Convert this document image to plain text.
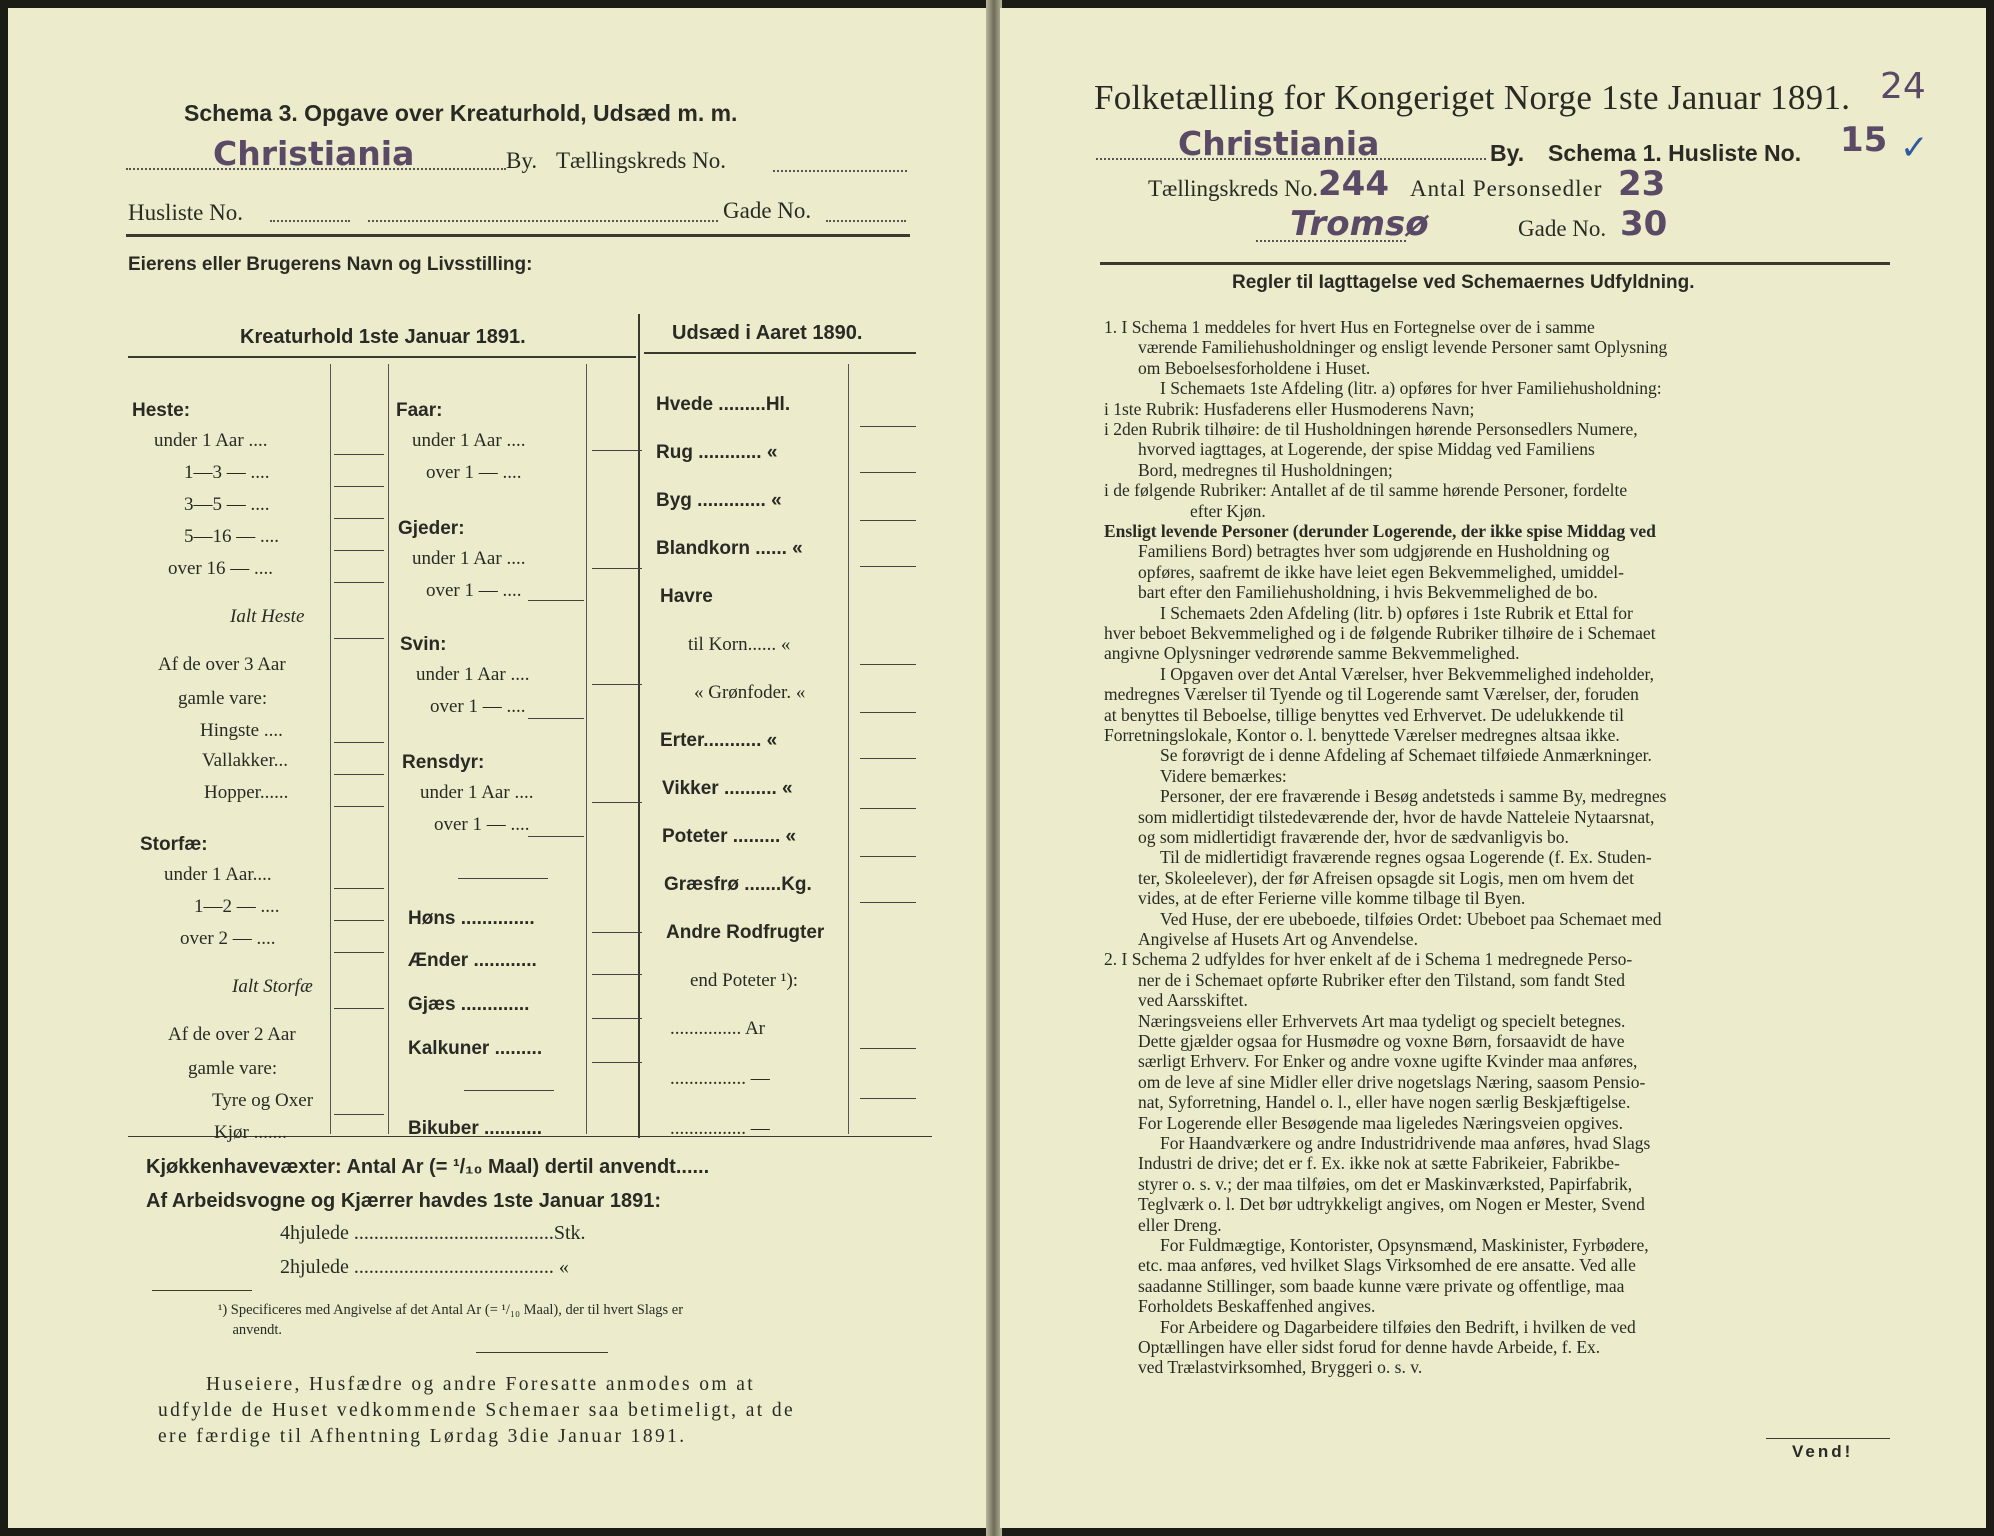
Schema 3. Opgave over Kreaturhold, Udsæd m. m.
Christiania	By. Tællingskreds No.
Husliste No.	Gade No.
Eierens eller Brugerens Navn og Livsstilling:
Kreaturhold 1ste Januar 1891.	Udsæd i Aaret 1890.
Heste:
under 1 Aar ....
1—3 — ....
3—5 — ....
5—16 — ....
over 16 — ....
Ialt Heste
Af de over 3 Aar
gamle vare:
Hingste ....
Vallakker...
Hopper......
Storfæ:
under 1 Aar....
1—2 — ....
over 2 — ....
Ialt Storfæ
Af de over 2 Aar
gamle vare:
Tyre og Oxer
Kjør .......
Faar:
under 1 Aar ....
over 1 — ....
Gjeder:
under 1 Aar ....
over 1 — ....
Svin:
under 1 Aar ....
over 1 — ....
Rensdyr:
under 1 Aar ....
over 1 — ....
Høns ..............
Ænder ............
Gjæs .............
Kalkuner .........
Bikuber ...........
Hvede .........Hl.
Rug ............ «
Byg ............. «
Blandkorn ...... «
Havre
til Korn...... «
« Grønfoder. «
Erter........... «
Vikker .......... «
Poteter ......... «
Græsfrø .......Kg.
Andre Rodfrugter
end Poteter ¹):
............... Ar
................ —
................ —
Kjøkkenhavevæxter: Antal Ar (= ¹/₁₀ Maal) dertil anvendt......
Af Arbeidsvogne og Kjærrer havdes 1ste Januar 1891:
4hjulede ........................................Stk.
2hjulede ........................................ «
¹) Specificeres med Angivelse af det Antal Ar (= ¹/₁₀ Maal), der til hvert Slags er
anvendt.
Huseiere, Husfædre og andre Foresatte anmodes om at
udfylde de Huset vedkommende Schemaer saa betimeligt, at de
ere færdige til Afhentning Lørdag 3die Januar 1891.
Folketælling for Kongeriget Norge 1ste Januar 1891. 24
Christiania	By. Schema 1. Husliste No. 15 ✓
Tællingskreds No. 244 Antal Personsedler 23
Tromsø	Gade No. 30
Regler til Iagttagelse ved Schemaernes Udfyldning.
1. I Schema 1 meddeles for hvert Hus en Fortegnelse over de i samme
værende Familiehusholdninger og ensligt levende Personer samt Oplysning
om Beboelsesforholdene i Huset.
I Schemaets 1ste Afdeling (litr. a) opføres for hver Familiehusholdning:
i 1ste Rubrik: Husfaderens eller Husmoderens Navn;
i 2den Rubrik tilhøire: de til Husholdningen hørende Personsedlers Numere,
hvorved iagttages, at Logerende, der spise Middag ved Familiens
Bord, medregnes til Husholdningen;
i de følgende Rubriker: Antallet af de til samme hørende Personer, fordelte
efter Kjøn.
Ensligt levende Personer (derunder Logerende, der ikke spise Middag ved
Familiens Bord) betragtes hver som udgjørende en Husholdning og
opføres, saafremt de ikke have leiet egen Bekvemmelighed, umiddel-
bart efter den Familiehusholdning, i hvis Bekvemmelighed de bo.
I Schemaets 2den Afdeling (litr. b) opføres i 1ste Rubrik et Ettal for
hver beboet Bekvemmelighed og i de følgende Rubriker tilhøire de i Schemaet
angivne Oplysninger vedrørende samme Bekvemmelighed.
I Opgaven over det Antal Værelser, hver Bekvemmelighed indeholder,
medregnes Værelser til Tyende og til Logerende samt Værelser, der, foruden
at benyttes til Beboelse, tillige benyttes ved Erhvervet. De udelukkende til
Forretningslokale, Kontor o. l. benyttede Værelser medregnes altsaa ikke.
Se forøvrigt de i denne Afdeling af Schemaet tilføiede Anmærkninger.
Videre bemærkes:
Personer, der ere fraværende i Besøg andetsteds i samme By, medregnes
som midlertidigt tilstedeværende der, hvor de havde Natteleie Nytaarsnat,
og som midlertidigt fraværende der, hvor de sædvanligvis bo.
Til de midlertidigt fraværende regnes ogsaa Logerende (f. Ex. Studen-
ter, Skoleelever), der før Afreisen opsagde sit Logis, men om hvem det
vides, at de efter Ferierne ville komme tilbage til Byen.
Ved Huse, der ere ubeboede, tilføies Ordet: Ubeboet paa Schemaet med
Angivelse af Husets Art og Anvendelse.
2. I Schema 2 udfyldes for hver enkelt af de i Schema 1 medregnede Perso-
ner de i Schemaet opførte Rubriker efter den Tilstand, som fandt Sted
ved Aarsskiftet.
Næringsveiens eller Erhvervets Art maa tydeligt og specielt betegnes.
Dette gjælder ogsaa for Husmødre og voxne Børn, forsaavidt de have
særligt Erhverv. For Enker og andre voxne ugifte Kvinder maa anføres,
om de leve af sine Midler eller drive nogetslags Næring, saasom Pensio-
nat, Syforretning, Handel o. l., eller have nogen særlig Beskjæftigelse.
For Logerende eller Besøgende maa ligeledes Næringsveien opgives.
For Haandværkere og andre Industridrivende maa anføres, hvad Slags
Industri de drive; det er f. Ex. ikke nok at sætte Fabrikeier, Fabrikbe-
styrer o. s. v.; der maa tilføies, om det er Maskinværksted, Papirfabrik,
Teglværk o. l. Det bør udtrykkeligt angives, om Nogen er Mester, Svend
eller Dreng.
For Fuldmægtige, Kontorister, Opsynsmænd, Maskinister, Fyrbødere,
etc. maa anføres, ved hvilket Slags Virksomhed de ere ansatte. Ved alle
saadanne Stillinger, som baade kunne være private og offentlige, maa
Forholdets Beskaffenhed angives.
For Arbeidere og Dagarbeidere tilføies den Bedrift, i hvilken de ved
Optællingen have eller sidst forud for denne havde Arbeide, f. Ex.
ved Trælastvirksomhed, Bryggeri o. s. v.
Vend!
